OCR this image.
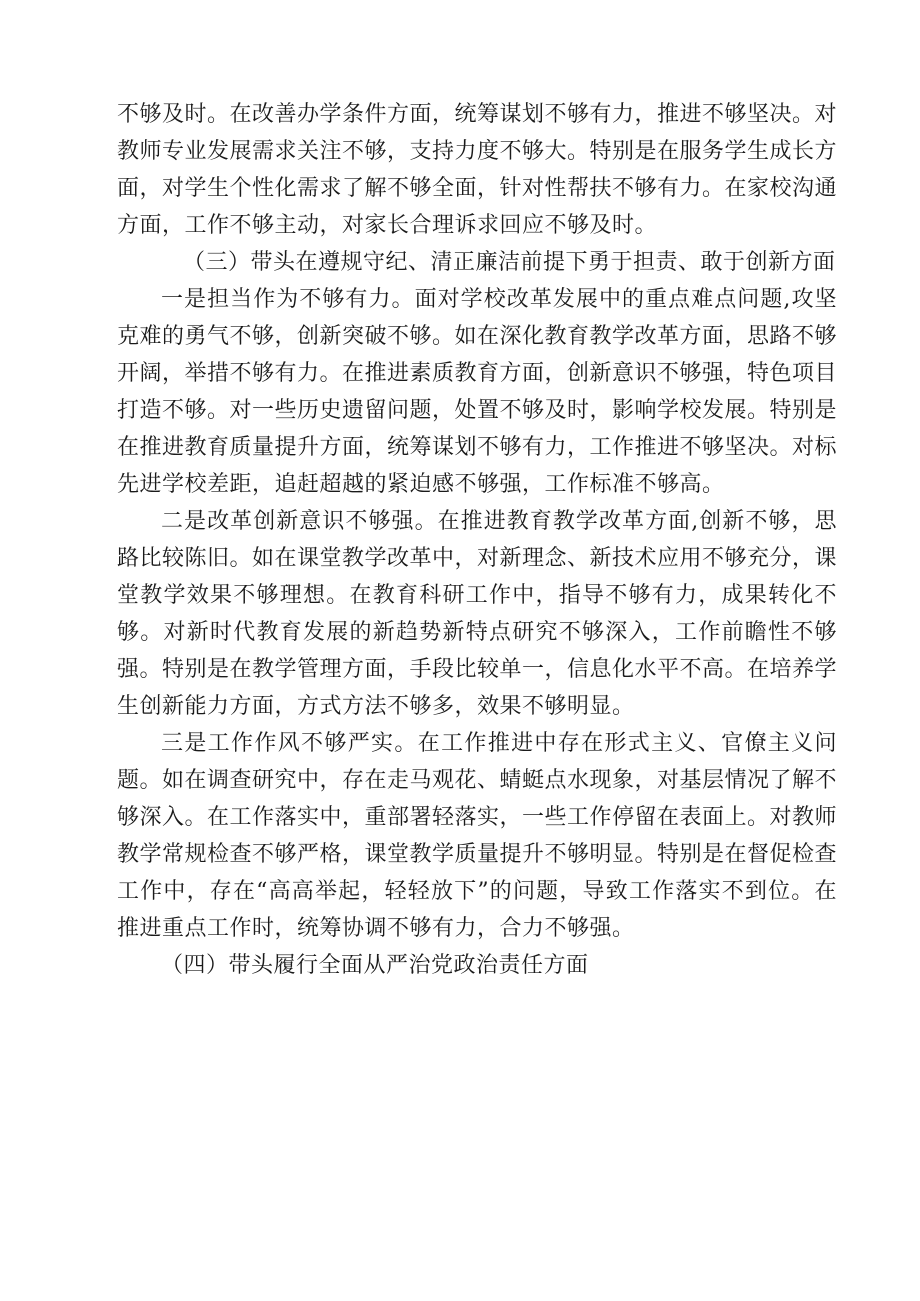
不够及时。在改善办学条件方面，统筹谋划不够有力，推进不够坚决。对教师专业发展需求关注不够，支持力度不够大。特别是在服务学生成长方面，对学生个性化需求了解不够全面，针对性帮扶不够有力。在家校沟通方面，工作不够主动，对家长合理诉求回应不够及时。

（三）带头在遵规守纪、清正廉洁前提下勇于担责、敢于创新方面

一是担当作为不够有力。面对学校改革发展中的重点难点问题,攻坚克难的勇气不够，创新突破不够。如在深化教育教学改革方面，思路不够开阔，举措不够有力。在推进素质教育方面，创新意识不够强，特色项目打造不够。对一些历史遗留问题，处置不够及时，影响学校发展。特别是在推进教育质量提升方面，统筹谋划不够有力，工作推进不够坚决。对标先进学校差距，追赶超越的紧迫感不够强，工作标准不够高。

二是改革创新意识不够强。在推进教育教学改革方面,创新不够，思路比较陈旧。如在课堂教学改革中，对新理念、新技术应用不够充分，课堂教学效果不够理想。在教育科研工作中，指导不够有力，成果转化不够。对新时代教育发展的新趋势新特点研究不够深入，工作前瞻性不够强。特别是在教学管理方面，手段比较单一，信息化水平不高。在培养学生创新能力方面，方式方法不够多，效果不够明显。

三是工作作风不够严实。在工作推进中存在形式主义、官僚主义问题。如在调查研究中，存在走马观花、蜻蜓点水现象，对基层情况了解不够深入。在工作落实中，重部署轻落实，一些工作停留在表面上。对教师教学常规检查不够严格，课堂教学质量提升不够明显。特别是在督促检查工作中，存在“高高举起，轻轻放下”的问题，导致工作落实不到位。在推进重点工作时，统筹协调不够有力，合力不够强。

（四）带头履行全面从严治党政治责任方面
